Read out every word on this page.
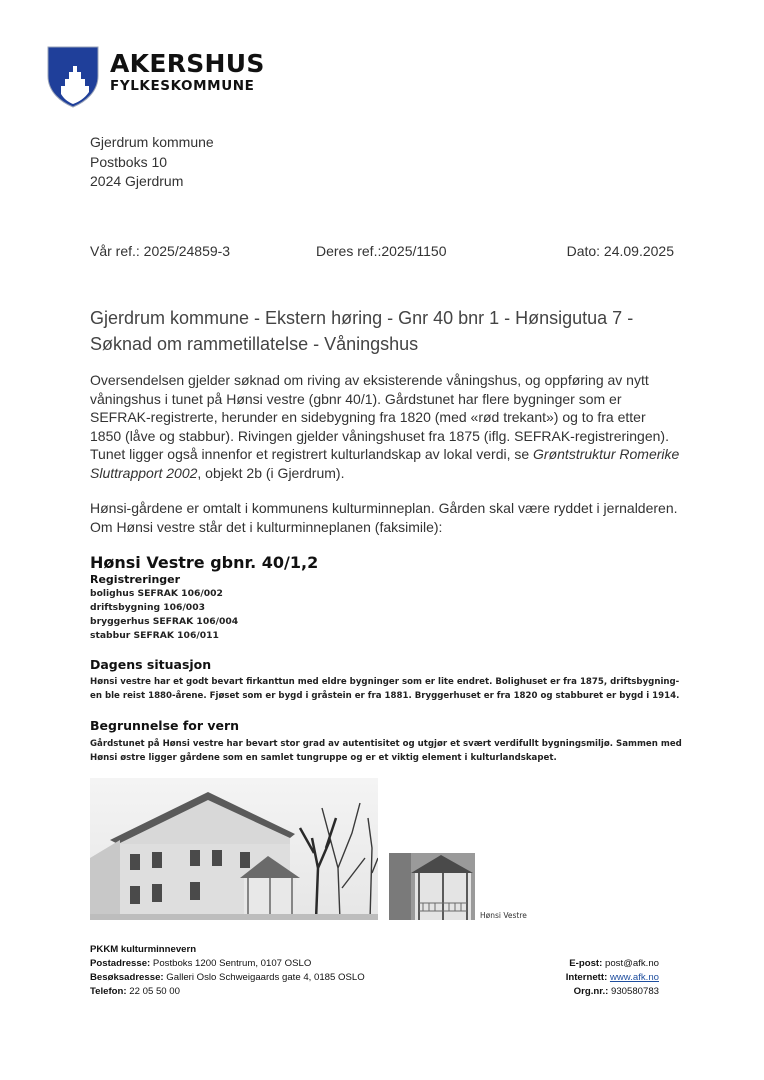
AKERSHUS
FYLKESKOMMUNE
Gjerdrum kommune
Postboks 10
2024 Gjerdrum
Vår ref.: 2025/24859-3	Deres ref.:2025/1150	Dato: 24.09.2025
Gjerdrum kommune - Ekstern høring - Gnr 40 bnr 1 - Hønsigutua 7 -
Søknad om rammetillatelse - Våningshus
Oversendelsen gjelder søknad om riving av eksisterende våningshus, og oppføring av nytt våningshus i tunet på Hønsi vestre (gbnr 40/1). Gårdstunet har flere bygninger som er SEFRAK-registrerte, herunder en sidebygning fra 1820 (med «rød trekant») og to fra etter 1850 (låve og stabbur). Rivingen gjelder våningshuset fra 1875 (iflg. SEFRAK-registreringen). Tunet ligger også innenfor et registrert kulturlandskap av lokal verdi, se Grøntstruktur Romerike Sluttrapport 2002, objekt 2b (i Gjerdrum).
Hønsi-gårdene er omtalt i kommunens kulturminneplan. Gården skal være ryddet i jernalderen. Om Hønsi vestre står det i kulturminneplanen (faksimile):
Hønsi Vestre gbnr. 40/1,2
Registreringer
bolighus SEFRAK 106/002
driftsbygning 106/003
bryggerhus SEFRAK 106/004
stabbur SEFRAK 106/011
Dagens situasjon
Hønsi vestre har et godt bevart firkanttun med eldre bygninger som er lite endret. Bolighuset er fra 1875, driftsbygning-
en ble reist 1880-årene. Fjøset som er bygd i gråstein er fra 1881. Bryggerhuset er fra 1820 og stabburet er bygd i 1914.
Begrunnelse for vern
Gårdstunet på Hønsi vestre har bevart stor grad av autentisitet og utgjør et svært verdifullt bygningsmiljø. Sammen med
Hønsi østre ligger gårdene som en samlet tungruppe og er et viktig element i kulturlandskapet.
Hønsi Vestre
PKKM kulturminnevern
Postadresse: Postboks 1200 Sentrum, 0107 OSLO
Besøksadresse: Galleri Oslo Schweigaards gate 4, 0185 OSLO
Telefon: 22 05 50 00
E-post: post@afk.no
Internett: www.afk.no
Org.nr.: 930580783
